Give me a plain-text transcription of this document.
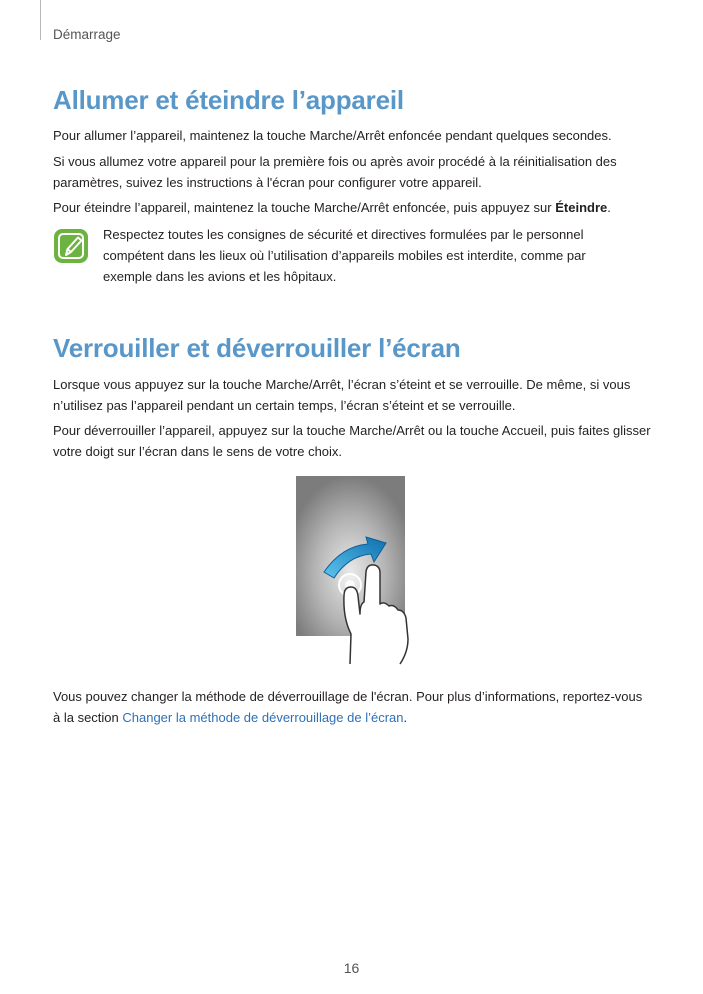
Démarrage
Allumer et éteindre l’appareil

Pour allumer l’appareil, maintenez la touche Marche/Arrêt enfoncée pendant quelques secondes.

Si vous allumez votre appareil pour la première fois ou après avoir procédé à la réinitialisation des paramètres, suivez les instructions à l'écran pour configurer votre appareil.

Pour éteindre l’appareil, maintenez la touche Marche/Arrêt enfoncée, puis appuyez sur Éteindre.

Respectez toutes les consignes de sécurité et directives formulées par le personnel compétent dans les lieux où l’utilisation d’appareils mobiles est interdite, comme par exemple dans les avions et les hôpitaux.

Verrouiller et déverrouiller l’écran

Lorsque vous appuyez sur la touche Marche/Arrêt, l’écran s’éteint et se verrouille. De même, si vous n’utilisez pas l’appareil pendant un certain temps, l’écran s’éteint et se verrouille.

Pour déverrouiller l’appareil, appuyez sur la touche Marche/Arrêt ou la touche Accueil, puis faites glisser votre doigt sur l’écran dans le sens de votre choix.

Vous pouvez changer la méthode de déverrouillage de l'écran. Pour plus d’informations, reportez-vous à la section Changer la méthode de déverrouillage de l’écran.

16
